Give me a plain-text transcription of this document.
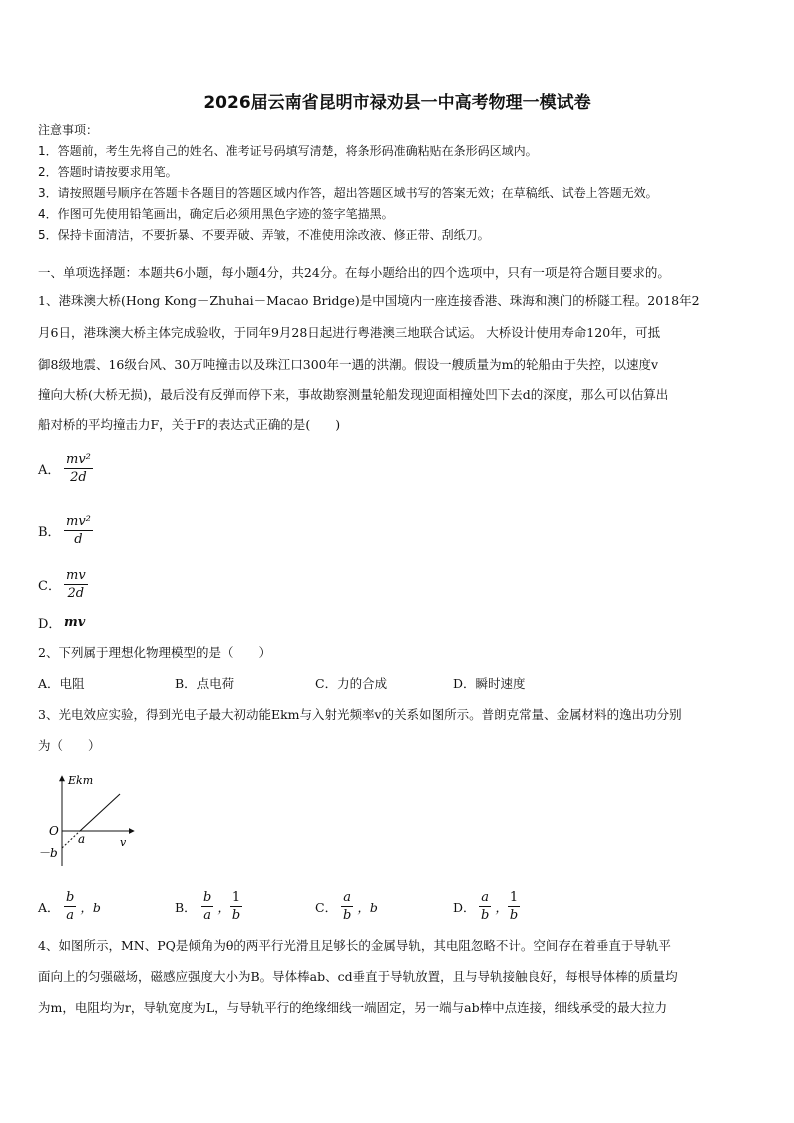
2026届云南省昆明市禄劝县一中高考物理一模试卷
注意事项：
1．答题前，考生先将自己的姓名、准考证号码填写清楚，将条形码准确粘贴在条形码区域内。
2．答题时请按要求用笔。
3．请按照题号顺序在答题卡各题目的答题区域内作答，超出答题区域书写的答案无效；在草稿纸、试卷上答题无效。
4．作图可先使用铅笔画出，确定后必须用黑色字迹的签字笔描黑。
5．保持卡面清洁，不要折暴、不要弄破、弄皱，不准使用涂改液、修正带、刮纸刀。
一、单项选择题：本题共6小题，每小题4分，共24分。在每小题给出的四个选项中，只有一项是符合题目要求的。
1、港珠澳大桥(Hong Kong－Zhuhai－Macao Bridge)是中国境内一座连接香港、珠海和澳门的桥隧工程。2018年2
月6日，港珠澳大桥主体完成验收，于同年9月28日起进行粤港澳三地联合试运。 大桥设计使用寿命120年，可抵
御8级地震、16级台风、30万吨撞击以及珠江口300年一遇的洪潮。假设一艘质量为m的轮船由于失控，以速度v
撞向大桥(大桥无损)，最后没有反弹而停下来，事故勘察测量轮船发现迎面相撞处凹下去d的深度，那么可以估算出
船对桥的平均撞击力F，关于F的表达式正确的是(　　)
A． $\frac{\text{mv²}}{2d}$
B． $\frac{\text{mv²}}{d}$
C． $\frac{mv}{2d}$
D． mv
2、下列属于理想化物理模型的是（　　）
A．电阻	B．点电荷	C．力的合成	D．瞬时速度
3、光电效应实验，得到光电子最大初动能Ekm与入射光频率v的关系如图所示。普朗克常量、金属材料的逸出功分别
为（　　）
Ekm
v
O
a
－b
A． $\frac{b}{a}$ ，b	B． $\frac{b}{a}$ ， $\frac{1}{b}$	C． $\frac{a}{b}$ ，b	D． $\frac{a}{b}$ ， $\frac{1}{b}$
4、如图所示，MN、PQ是倾角为θ的两平行光滑且足够长的金属导轨，其电阻忽略不计。空间存在着垂直于导轨平
面向上的匀强磁场，磁感应强度大小为B。导体棒ab、cd垂直于导轨放置，且与导轨接触良好，每根导体棒的质量均
为m，电阻均为r，导轨宽度为L，与导轨平行的绝缘细线一端固定，另一端与ab棒中点连接，细线承受的最大拉力
